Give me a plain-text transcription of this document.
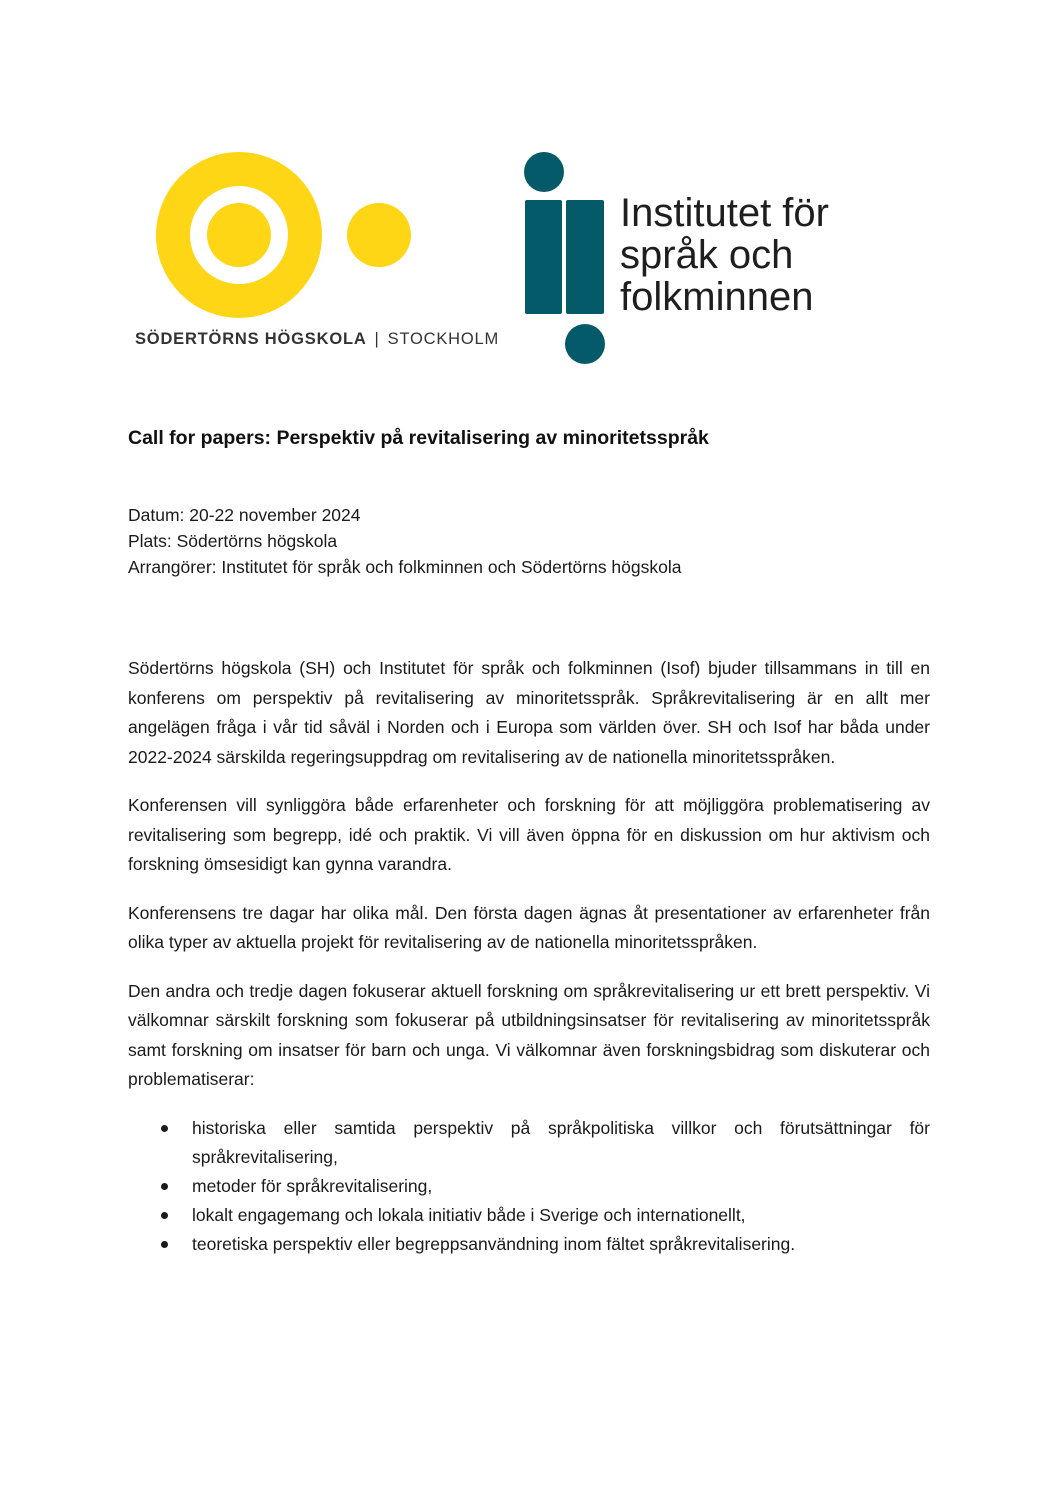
SÖDERTÖRNS HÖGSKOLA | STOCKHOLM
Institutet för
språk och
folkminnen
Call for papers: Perspektiv på revitalisering av minoritetsspråk
Datum: 20-22 november 2024
Plats: Södertörns högskola
Arrangörer: Institutet för språk och folkminnen och Södertörns högskola

Södertörns högskola (SH) och Institutet för språk och folkminnen (Isof) bjuder tillsammans in till en konferens om perspektiv på revitalisering av minoritetsspråk. Språkrevitalisering är en allt mer angelägen fråga i vår tid såväl i Norden och i Europa som världen över. SH och Isof har båda under 2022-2024 särskilda regeringsuppdrag om revitalisering av de nationella minoritetsspråken.

Konferensen vill synliggöra både erfarenheter och forskning för att möjliggöra problematisering av revitalisering som begrepp, idé och praktik. Vi vill även öppna för en diskussion om hur aktivism och forskning ömsesidigt kan gynna varandra.

Konferensens tre dagar har olika mål. Den första dagen ägnas åt presentationer av erfarenheter från olika typer av aktuella projekt för revitalisering av de nationella minoritetsspråken.

Den andra och tredje dagen fokuserar aktuell forskning om språkrevitalisering ur ett brett perspektiv. Vi välkomnar särskilt forskning som fokuserar på utbildningsinsatser för revitalisering av minoritetsspråk samt forskning om insatser för barn och unga. Vi välkomnar även forskningsbidrag som diskuterar och problematiserar:

historiska eller samtida perspektiv på språkpolitiska villkor och förutsättningar för språkrevitalisering,
metoder för språkrevitalisering,
lokalt engagemang och lokala initiativ både i Sverige och internationellt,
teoretiska perspektiv eller begreppsanvändning inom fältet språkrevitalisering.
